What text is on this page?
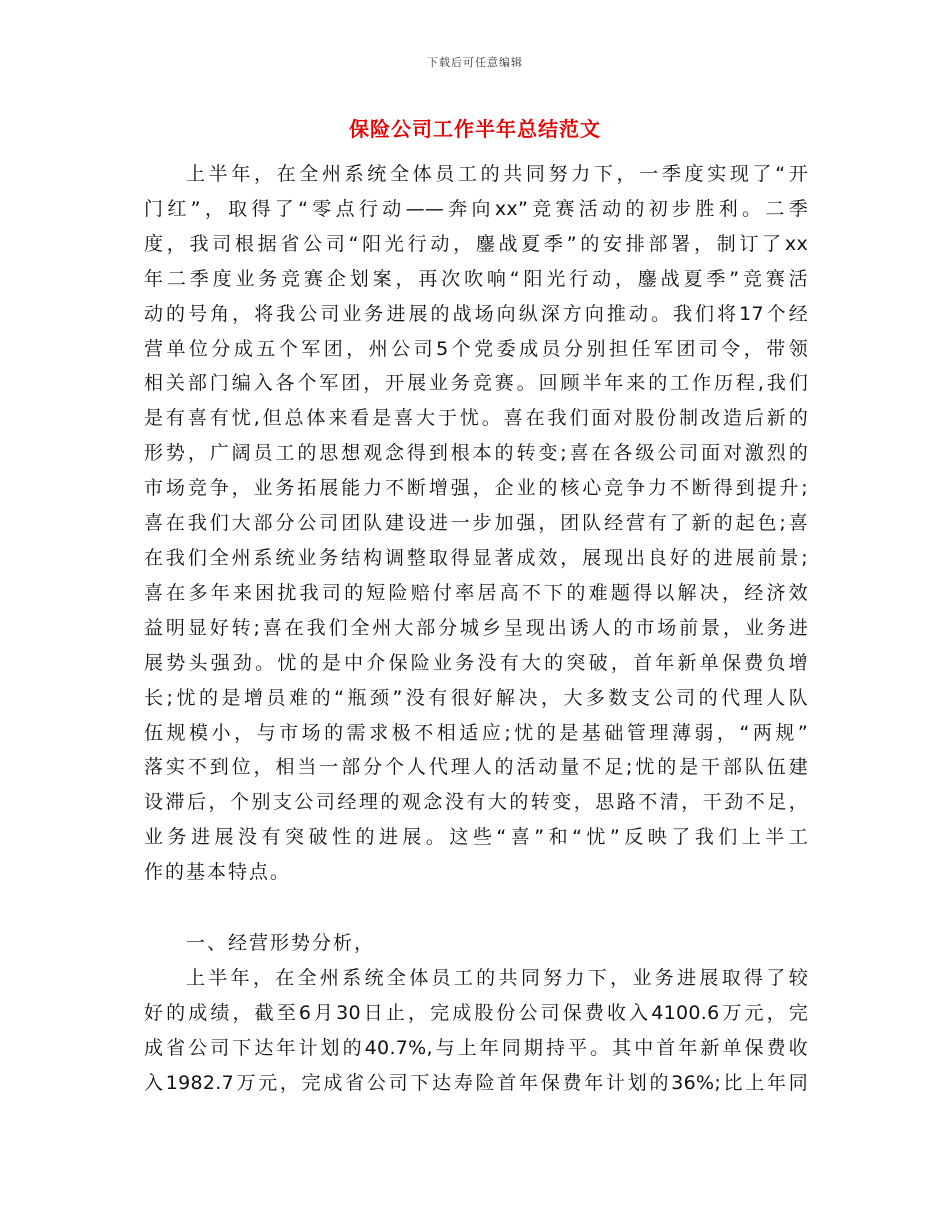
下载后可任意编辑
保险公司工作半年总结范文
上半年，在全州系统全体员工的共同努力下，一季度实现了“开
门红”，取得了“零点行动——奔向xx”竞赛活动的初步胜利。二季
度，我司根据省公司“阳光行动，鏖战夏季”的安排部署，制订了xx
年二季度业务竞赛企划案，再次吹响“阳光行动，鏖战夏季”竞赛活
动的号角，将我公司业务进展的战场向纵深方向推动。我们将17个经
营单位分成五个军团，州公司5个党委成员分别担任军团司令，带领
相关部门编入各个军团，开展业务竞赛。回顾半年来的工作历程,我们
是有喜有忧,但总体来看是喜大于忧。喜在我们面对股份制改造后新的
形势，广阔员工的思想观念得到根本的转变;喜在各级公司面对激烈的
市场竞争，业务拓展能力不断增强，企业的核心竞争力不断得到提升;
喜在我们大部分公司团队建设进一步加强，团队经营有了新的起色;喜
在我们全州系统业务结构调整取得显著成效，展现出良好的进展前景;
喜在多年来困扰我司的短险赔付率居高不下的难题得以解决，经济效
益明显好转;喜在我们全州大部分城乡呈现出诱人的市场前景，业务进
展势头强劲。忧的是中介保险业务没有大的突破，首年新单保费负增
长;忧的是增员难的“瓶颈”没有很好解决，大多数支公司的代理人队
伍规模小，与市场的需求极不相适应;忧的是基础管理薄弱，“两规”
落实不到位，相当一部分个人代理人的活动量不足;忧的是干部队伍建
设滞后，个别支公司经理的观念没有大的转变，思路不清，干劲不足，
业务进展没有突破性的进展。这些“喜”和“忧”反映了我们上半工
作的基本特点。
一、经营形势分析，
上半年，在全州系统全体员工的共同努力下，业务进展取得了较
好的成绩，截至6月30日止，完成股份公司保费收入4100.6万元，完
成省公司下达年计划的40.7%,与上年同期持平。其中首年新单保费收
入1982.7万元，完成省公司下达寿险首年保费年计划的36%;比上年同
